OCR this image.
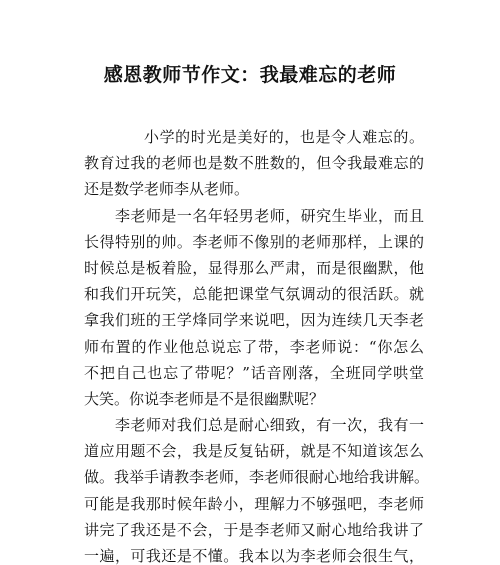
感恩教师节作文：我最难忘的老师
小学的时光是美好的，也是令人难忘的。
教育过我的老师也是数不胜数的，但令我最难忘的
还是数学老师李从老师。
李老师是一名年轻男老师，研究生毕业，而且
长得特别的帅。李老师不像别的老师那样，上课的
时候总是板着脸，显得那么严肃，而是很幽默，他
和我们开玩笑，总能把课堂气氛调动的很活跃。就
拿我们班的王学烽同学来说吧，因为连续几天李老
师布置的作业他总说忘了带，李老师说：“你怎么
不把自己也忘了带呢？”话音刚落，全班同学哄堂
大笑。你说李老师是不是很幽默呢？
李老师对我们总是耐心细致，有一次，我有一
道应用题不会，我是反复钻研，就是不知道该怎么
做。我举手请教李老师，李老师很耐心地给我讲解。
可能是我那时候年龄小，理解力不够强吧，李老师
讲完了我还是不会，于是李老师又耐心地给我讲了
一遍，可我还是不懂。我本以为李老师会很生气，
